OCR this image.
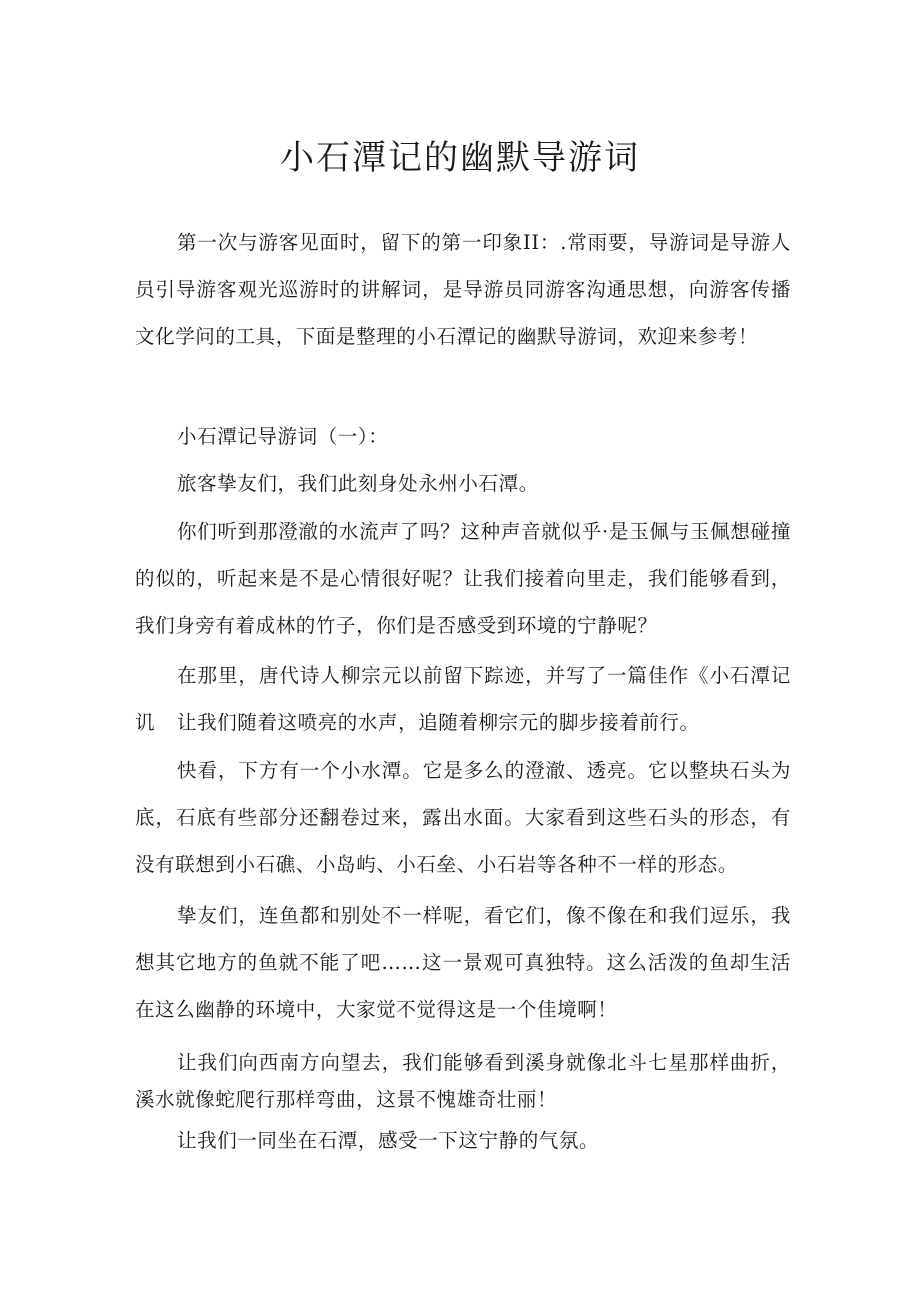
小石潭记的幽默导游词

第一次与游客见面时，留下的第一印象II：.常雨要，导游词是导游人员引导游客观光巡游时的讲解词，是导游员同游客沟通思想，向游客传播文化学问的工具，下面是整理的小石潭记的幽默导游词，欢迎来参考！

小石潭记导游词（一）：

旅客挚友们，我们此刻身处永州小石潭。

你们听到那澄澈的水流声了吗？这种声音就似乎·是玉佩与玉佩想碰撞的似的，听起来是不是心情很好呢？让我们接着向里走，我们能够看到，我们身旁有着成林的竹子，你们是否感受到环境的宁静呢？

在那里，唐代诗人柳宗元以前留下踪迹，并写了一篇佳作《小石潭记讥	让我们随着这喷亮的水声，追随着柳宗元的脚步接着前行。

快看，下方有一个小水潭。它是多么的澄澈、透亮。它以整块石头为底，石底有些部分还翻卷过来，露出水面。大家看到这些石头的形态，有没有联想到小石礁、小岛屿、小石垒、小石岩等各种不一样的形态。

挚友们，连鱼都和别处不一样呢，看它们，像不像在和我们逗乐，我想其它地方的鱼就不能了吧……这一景观可真独特。这么活泼的鱼却生活在这么幽静的环境中，大家觉不觉得这是一个佳境啊！

让我们向西南方向望去，我们能够看到溪身就像北斗七星那样曲折，溪水就像蛇爬行那样弯曲，这景不愧雄奇壮丽！

让我们一同坐在石潭，感受一下这宁静的气氛。
